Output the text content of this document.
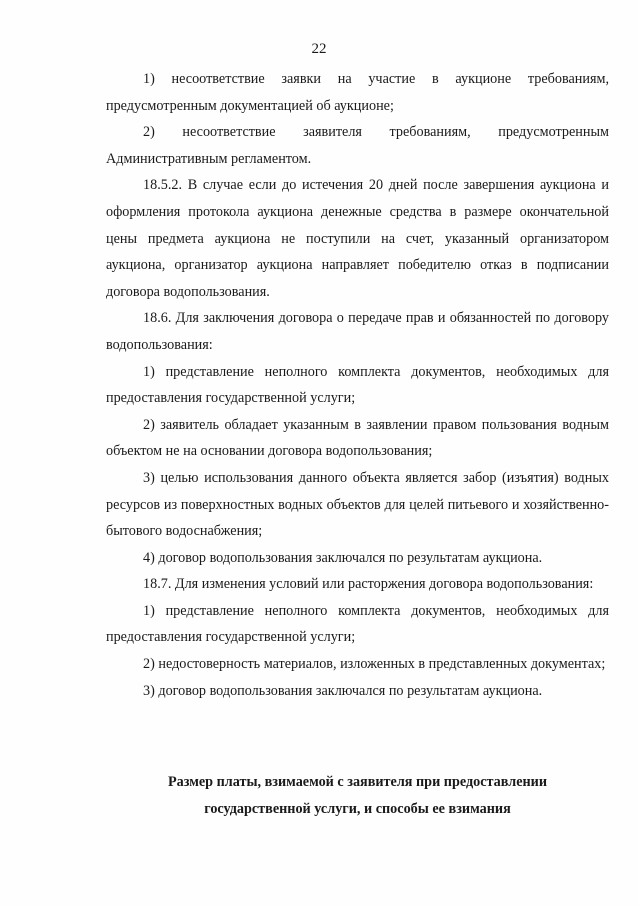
22

1) несоответствие заявки на участие в аукционе требованиям, предусмотренным документацией об аукционе;

2) несоответствие заявителя требованиям, предусмотренным Административным регламентом.

18.5.2. В случае если до истечения 20 дней после завершения аукциона и оформления протокола аукциона денежные средства в размере окончательной цены предмета аукциона не поступили на счет, указанный организатором аукциона, организатор аукциона направляет победителю отказ в подписании договора водопользования.

18.6. Для заключения договора о передаче прав и обязанностей по договору водопользования:

1) представление неполного комплекта документов, необходимых для предоставления государственной услуги;

2) заявитель обладает указанным в заявлении правом пользования водным объектом не на основании договора водопользования;

3) целью использования данного объекта является забор (изъятия) водных ресурсов из поверхностных водных объектов для целей питьевого и хозяйственно-бытового водоснабжения;

4) договор водопользования заключался по результатам аукциона.

18.7. Для изменения условий или расторжения договора водопользования:

1) представление неполного комплекта документов, необходимых для предоставления государственной услуги;

2) недостоверность материалов, изложенных в представленных документах;

3) договор водопользования заключался по результатам аукциона.

Размер платы, взимаемой с заявителя при предоставлении

государственной услуги, и способы ее взимания
